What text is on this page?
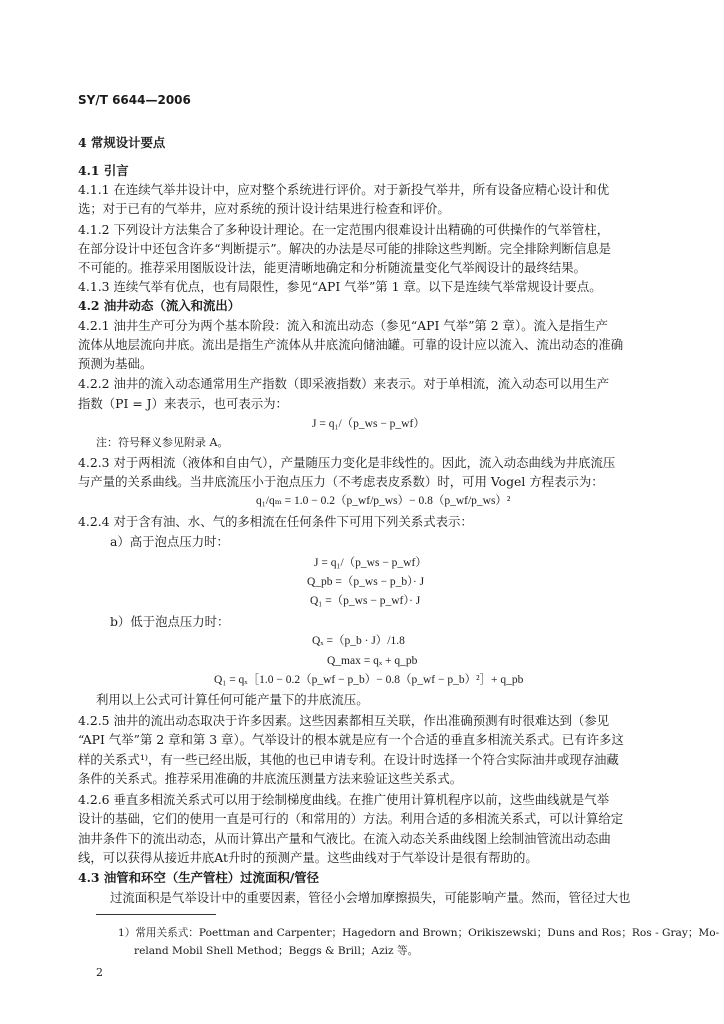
SY/T 6644—2006
4 常规设计要点
4.1 引言
4.1.1 在连续气举井设计中，应对整个系统进行评价。对于新投气举井，所有设备应精心设计和优
选；对于已有的气举井，应对系统的预计设计结果进行检查和评价。
4.1.2 下列设计方法集合了多种设计理论。在一定范围内很难设计出精确的可供操作的气举管柱，
在部分设计中还包含许多“判断提示”。解决的办法是尽可能的排除这些判断。完全排除判断信息是
不可能的。推荐采用图版设计法，能更清晰地确定和分析随流量变化气举阀设计的最终结果。
4.1.3 连续气举有优点，也有局限性，参见“API 气举”第 1 章。以下是连续气举常规设计要点。
4.2 油井动态（流入和流出）
4.2.1 油井生产可分为两个基本阶段：流入和流出动态（参见“API 气举”第 2 章）。流入是指生产
流体从地层流向井底。流出是指生产流体从井底流向储油罐。可靠的设计应以流入、流出动态的准确
预测为基础。
4.2.2 油井的流入动态通常用生产指数（即采液指数）来表示。对于单相流，流入动态可以用生产
指数（PI = J）来表示，也可表示为：
J = q₁/（p_ws − p_wf）
注：符号释义参见附录 A。
4.2.3 对于两相流（液体和自由气），产量随压力变化是非线性的。因此，流入动态曲线为井底流压
与产量的关系曲线。当井底流压小于泡点压力（不考虑表皮系数）时，可用 Vogel 方程表示为：
q₁/qₘ = 1.0 − 0.2（p_wf/p_ws）− 0.8（p_wf/p_ws）²
4.2.4 对于含有油、水、气的多相流在任何条件下可用下列关系式表示：
a）高于泡点压力时：
J = q₁/（p_ws − p_wf）
Q_pb =（p_ws − p_b）· J
Q₁ =（p_ws − p_wf）· J
b）低于泡点压力时：
Qₓ =（p_b · J）/1.8
Q_max = qₓ + q_pb
Q₁ = qₓ［1.0 − 0.2（p_wf − p_b）− 0.8（p_wf − p_b）²］+ q_pb
利用以上公式可计算任何可能产量下的井底流压。
4.2.5 油井的流出动态取决于许多因素。这些因素都相互关联，作出准确预测有时很难达到（参见
“API 气举”第 2 章和第 3 章）。气举设计的根本就是应有一个合适的垂直多相流关系式。已有许多这
样的关系式¹⁾，有一些已经出版，其他的也已申请专利。在设计时选择一个符合实际油井或现存油藏
条件的关系式。推荐采用准确的井底流压测量方法来验证这些关系式。
4.2.6 垂直多相流关系式可以用于绘制梯度曲线。在推广使用计算机程序以前，这些曲线就是气举
设计的基础，它们的使用一直是可行的（和常用的）方法。利用合适的多相流关系式，可以计算给定
油井条件下的流出动态，从而计算出产量和气液比。在流入动态关系曲线图上绘制油管流出动态曲
线，可以获得从接近井底At升时的预测产量。这些曲线对于气举设计是很有帮助的。
4.3 油管和环空（生产管柱）过流面积/管径
过流面积是气举设计中的重要因素，管径小会增加摩擦损失，可能影响产量。然而，管径过大也
1）常用关系式：Poettman and Carpenter；Hagedorn and Brown；Orikiszewski；Duns and Ros；Ros - Gray；Mo-
reland Mobil Shell Method；Beggs & Brill；Aziz 等。
2
